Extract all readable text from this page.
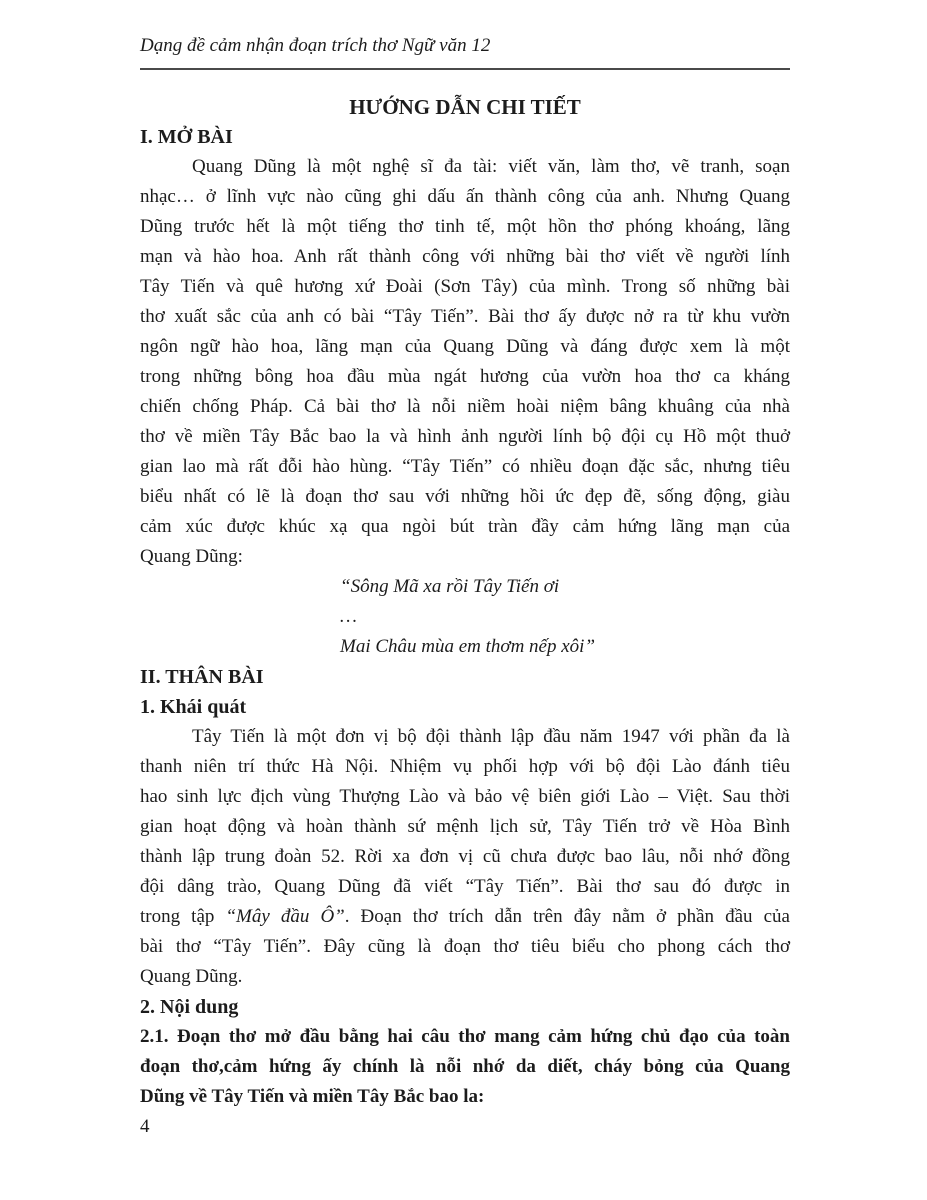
Dạng đề cảm nhận đoạn trích thơ Ngữ văn 12
HƯỚNG DẪN CHI TIẾT
I. MỞ BÀI
Quang Dũng là một nghệ sĩ đa tài: viết văn, làm thơ, vẽ tranh, soạn
nhạc… ở lĩnh vực nào cũng ghi dấu ấn thành công của anh. Nhưng Quang
Dũng trước hết là một tiếng thơ tinh tế, một hồn thơ phóng khoáng, lãng
mạn và hào hoa. Anh rất thành công với những bài thơ viết về người lính
Tây Tiến và quê hương xứ Đoài (Sơn Tây) của mình. Trong số những bài
thơ xuất sắc của anh có bài “Tây Tiến”. Bài thơ ấy được nở ra từ khu vườn
ngôn ngữ hào hoa, lãng mạn của Quang Dũng và đáng được xem là một
trong những bông hoa đầu mùa ngát hương của vườn hoa thơ ca kháng
chiến chống Pháp. Cả bài thơ là nỗi niềm hoài niệm bâng khuâng của nhà
thơ về miền Tây Bắc bao la và hình ảnh người lính bộ đội cụ Hồ một thuở
gian lao mà rất đỗi hào hùng. “Tây Tiến” có nhiều đoạn đặc sắc, nhưng tiêu
biểu nhất có lẽ là đoạn thơ sau với những hồi ức đẹp đẽ, sống động, giàu
cảm xúc được khúc xạ qua ngòi bút tràn đầy cảm hứng lãng mạn của
Quang Dũng:
“Sông Mã xa rồi Tây Tiến ơi
…
Mai Châu mùa em thơm nếp xôi”
II. THÂN BÀI
1. Khái quát
Tây Tiến là một đơn vị bộ đội thành lập đầu năm 1947 với phần đa là
thanh niên trí thức Hà Nội. Nhiệm vụ phối hợp với bộ đội Lào đánh tiêu
hao sinh lực địch vùng Thượng Lào và bảo vệ biên giới Lào – Việt. Sau thời
gian hoạt động và hoàn thành sứ mệnh lịch sử, Tây Tiến trở về Hòa Bình
thành lập trung đoàn 52. Rời xa đơn vị cũ chưa được bao lâu, nỗi nhớ đồng
đội dâng trào, Quang Dũng đã viết “Tây Tiến”. Bài thơ sau đó được in
trong tập “Mây đầu Ô”. Đoạn thơ trích dẫn trên đây nằm ở phần đầu của
bài thơ “Tây Tiến”. Đây cũng là đoạn thơ tiêu biểu cho phong cách thơ
Quang Dũng.
2. Nội dung
2.1. Đoạn thơ mở đầu bằng hai câu thơ mang cảm hứng chủ đạo của toàn
đoạn thơ,cảm hứng ấy chính là nỗi nhớ da diết, cháy bỏng của Quang
Dũng về Tây Tiến và miền Tây Bắc bao la:
4
